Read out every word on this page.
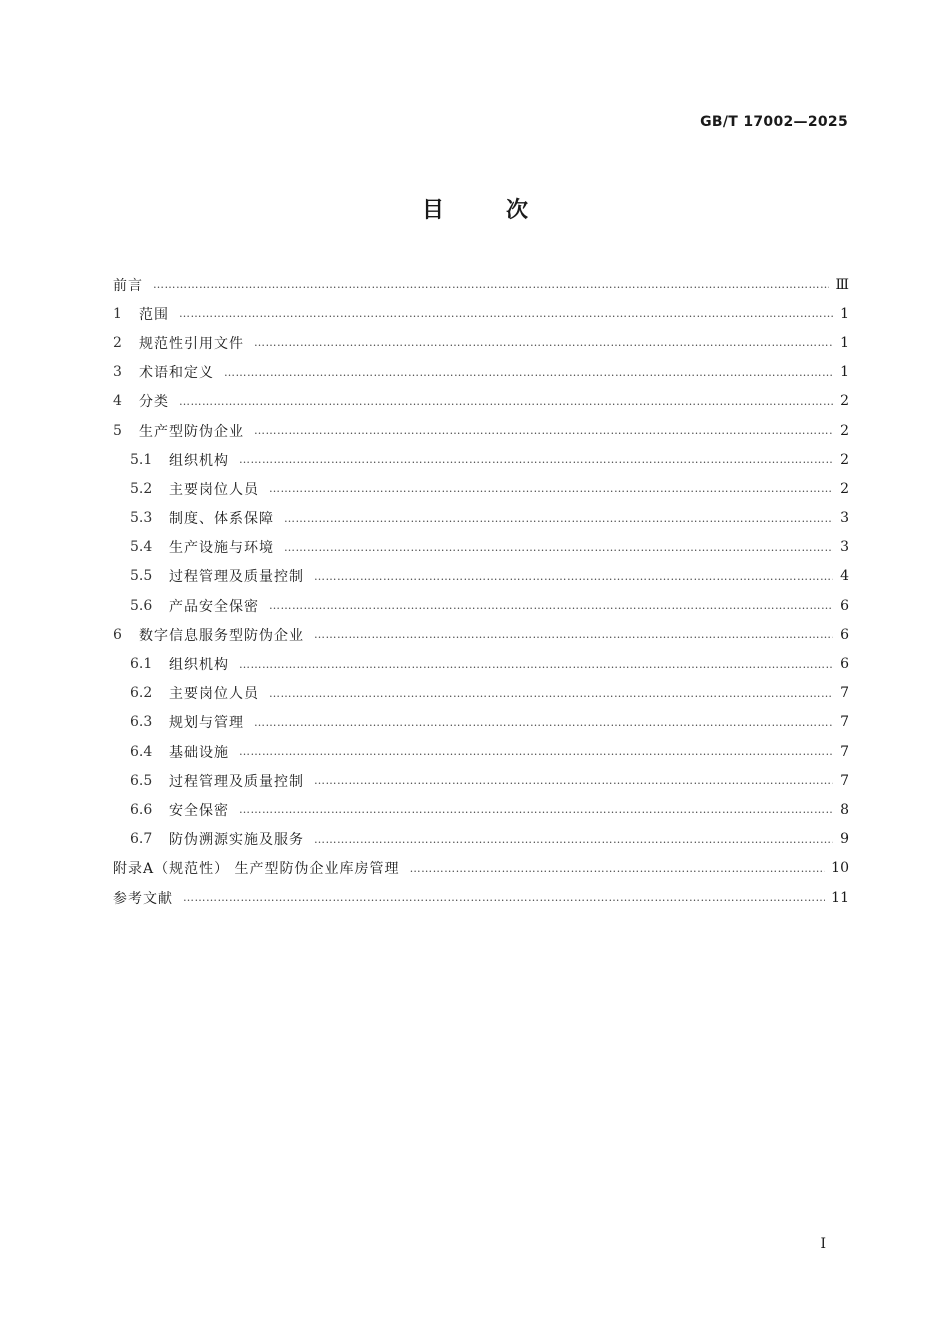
GB/T 17002—2025
目次
前言 ……………………………………………………………………………………………………………………………………………………………………………………………………	Ⅲ
1	范围 ……………………………………………………………………………………………………………………………………………………………………………………………………	1
2	规范性引用文件 ……………………………………………………………………………………………………………………………………………………………………………………………………	1
3	术语和定义 ……………………………………………………………………………………………………………………………………………………………………………………………………	1
4	分类 ……………………………………………………………………………………………………………………………………………………………………………………………………	2
5	生产型防伪企业 ……………………………………………………………………………………………………………………………………………………………………………………………………	2
5.1	组织机构 ……………………………………………………………………………………………………………………………………………………………………………………………………	2
5.2	主要岗位人员 ……………………………………………………………………………………………………………………………………………………………………………………………………	2
5.3	制度、体系保障 ……………………………………………………………………………………………………………………………………………………………………………………………………	3
5.4	生产设施与环境 ……………………………………………………………………………………………………………………………………………………………………………………………………	3
5.5	过程管理及质量控制 ……………………………………………………………………………………………………………………………………………………………………………………………………	4
5.6	产品安全保密 ……………………………………………………………………………………………………………………………………………………………………………………………………	6
6	数字信息服务型防伪企业 ……………………………………………………………………………………………………………………………………………………………………………………………………	6
6.1	组织机构 ……………………………………………………………………………………………………………………………………………………………………………………………………	6
6.2	主要岗位人员 ……………………………………………………………………………………………………………………………………………………………………………………………………	7
6.3	规划与管理 ……………………………………………………………………………………………………………………………………………………………………………………………………	7
6.4	基础设施 ……………………………………………………………………………………………………………………………………………………………………………………………………	7
6.5	过程管理及质量控制 ……………………………………………………………………………………………………………………………………………………………………………………………………	7
6.6	安全保密 ……………………………………………………………………………………………………………………………………………………………………………………………………	8
6.7	防伪溯源实施及服务 ……………………………………………………………………………………………………………………………………………………………………………………………………	9
附录A（规范性） 生产型防伪企业库房管理 ……………………………………………………………………………………………………………………………………………………………………………………………………	10
参考文献 ……………………………………………………………………………………………………………………………………………………………………………………………………	11
I
